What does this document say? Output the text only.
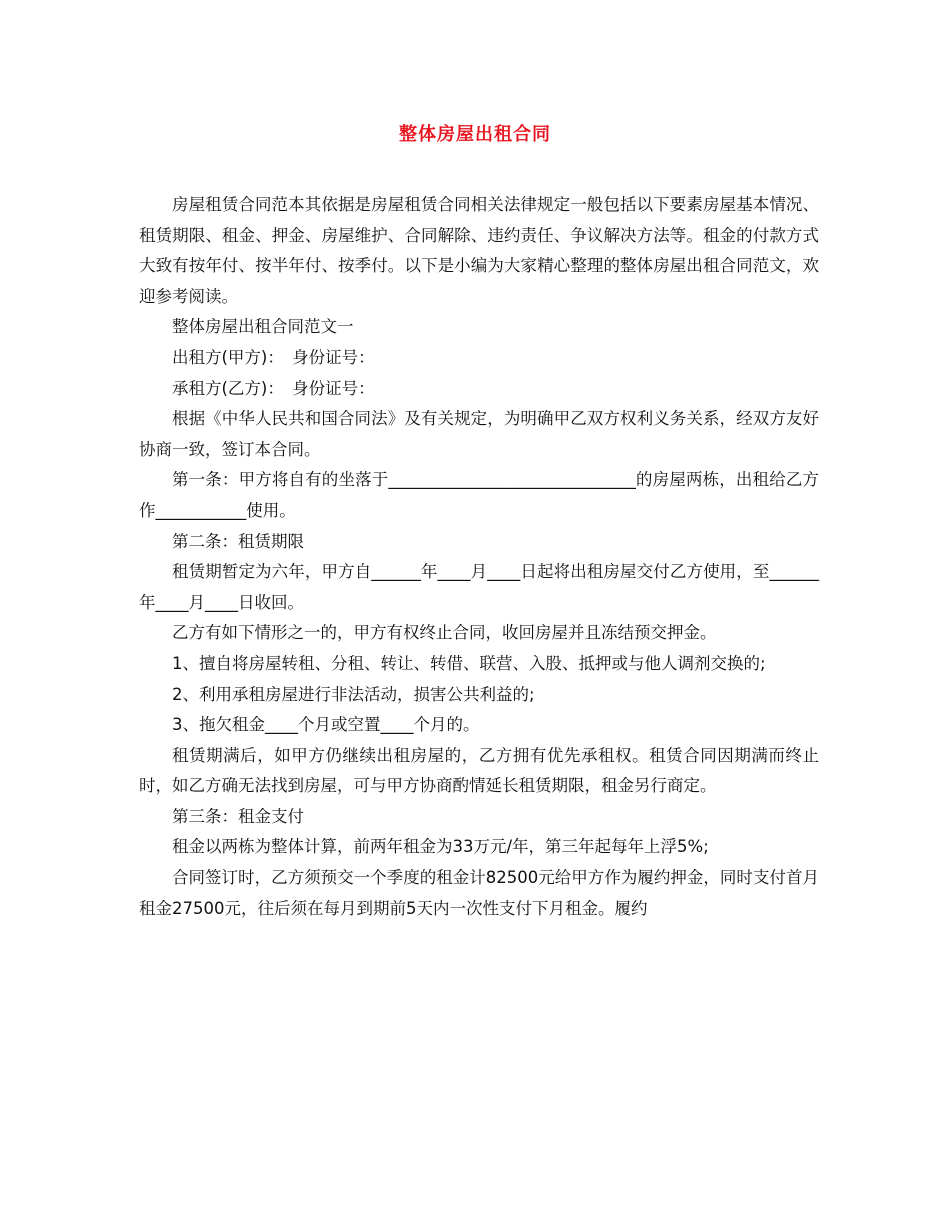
整体房屋出租合同

房屋租赁合同范本其依据是房屋租赁合同相关法律规定一般包括以下要素房屋基本情况、租赁期限、租金、押金、房屋维护、合同解除、违约责任、争议解决方法等。租金的付款方式大致有按年付、按半年付、按季付。以下是小编为大家精心整理的整体房屋出租合同范文，欢迎参考阅读。

整体房屋出租合同范文一

出租方(甲方)：　身份证号：

承租方(乙方)：　身份证号：

根据《中华人民共和国合同法》及有关规定，为明确甲乙双方权利义务关系，经双方友好协商一致，签订本合同。

第一条：甲方将自有的坐落于______________________________的房屋两栋，出租给乙方作___________使用。

第二条：租赁期限

租赁期暂定为六年，甲方自______年____月____日起将出租房屋交付乙方使用，至______年____月____日收回。

乙方有如下情形之一的，甲方有权终止合同，收回房屋并且冻结预交押金。

1、擅自将房屋转租、分租、转让、转借、联营、入股、抵押或与他人调剂交换的;

2、利用承租房屋进行非法活动，损害公共利益的;

3、拖欠租金____个月或空置____个月的。

租赁期满后，如甲方仍继续出租房屋的，乙方拥有优先承租权。租赁合同因期满而终止时，如乙方确无法找到房屋，可与甲方协商酌情延长租赁期限，租金另行商定。

第三条：租金支付

租金以两栋为整体计算，前两年租金为33万元/年，第三年起每年上浮5%;

合同签订时，乙方须预交一个季度的租金计82500元给甲方作为履约押金，同时支付首月租金27500元，往后须在每月到期前5天内一次性支付下月租金。履约
